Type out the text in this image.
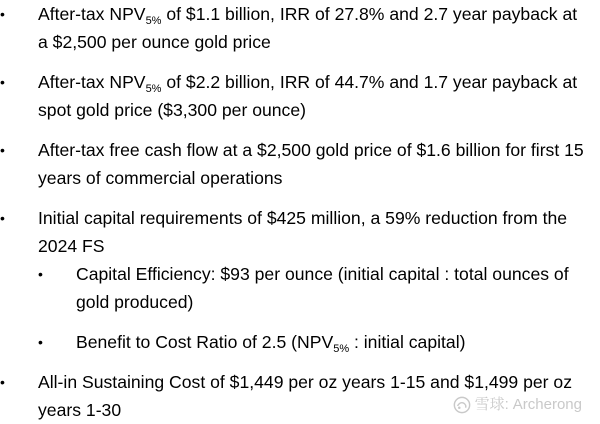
•	After-tax $NPV_{5\%}$ of $1.1 billion, IRR of 27.8% and 2.7 year payback at
a $2,500 per ounce gold price
•	After-tax $NPV_{5\%}$ of $2.2 billion, IRR of 44.7% and 1.7 year payback at
spot gold price ($3,300 per ounce)
•	After-tax free cash flow at a $2,500 gold price of $1.6 billion for first 15
years of commercial operations
•	Initial capital requirements of $425 million, a 59% reduction from the
2024 FS
•	Capital Efficiency: $93 per ounce (initial capital : total ounces of
gold produced)
•	Benefit to Cost Ratio of 2.5 ($NPV_{5\%}$ : initial capital)
•	All-in Sustaining Cost of $1,449 per oz years 1-15 and $1,499 per oz
years 1-30	雪球: Archerong
